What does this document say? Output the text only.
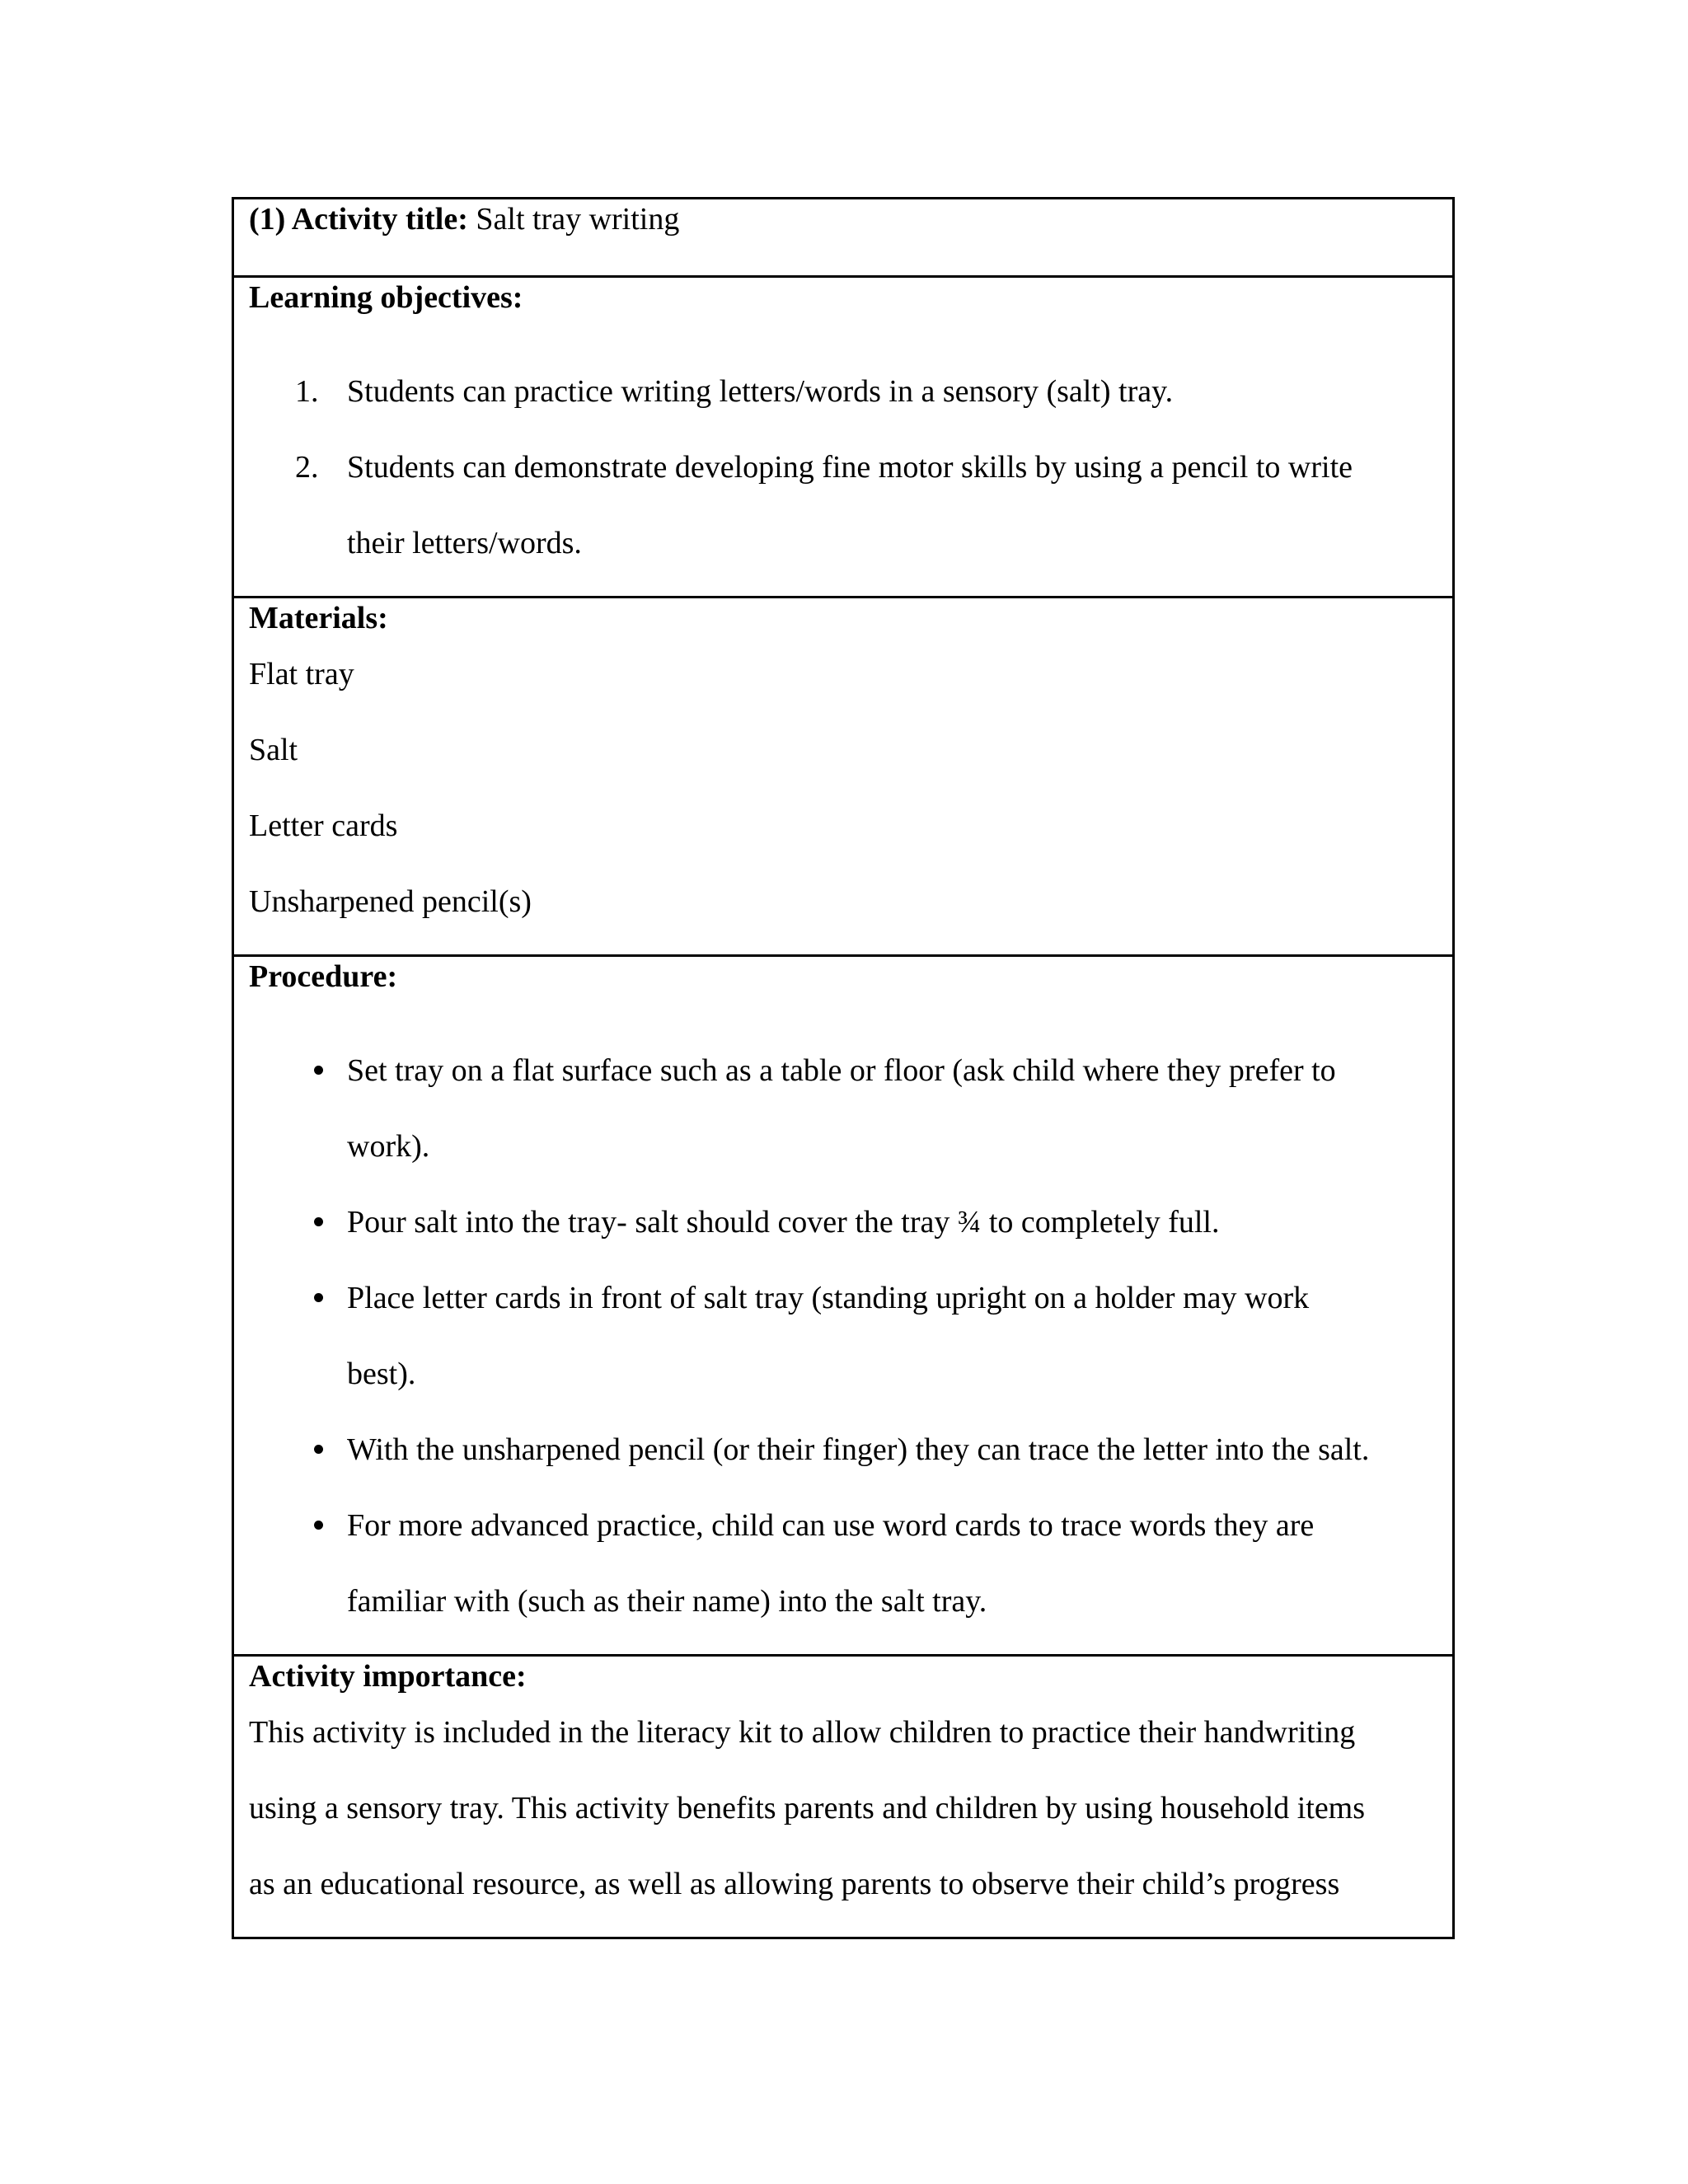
(1) Activity title: Salt tray writing

Learning objectives:
1. Students can practice writing letters/words in a sensory (salt) tray.
2. Students can demonstrate developing fine motor skills by using a pencil to write
their letters/words.

Materials:
Flat tray
Salt
Letter cards
Unsharpened pencil(s)

Procedure:
Set tray on a flat surface such as a table or floor (ask child where they prefer to
work).
Pour salt into the tray- salt should cover the tray ¾ to completely full.
Place letter cards in front of salt tray (standing upright on a holder may work
best).
With the unsharpened pencil (or their finger) they can trace the letter into the salt.
For more advanced practice, child can use word cards to trace words they are
familiar with (such as their name) into the salt tray.

Activity importance:
This activity is included in the literacy kit to allow children to practice their handwriting
using a sensory tray. This activity benefits parents and children by using household items
as an educational resource, as well as allowing parents to observe their child’s progress
